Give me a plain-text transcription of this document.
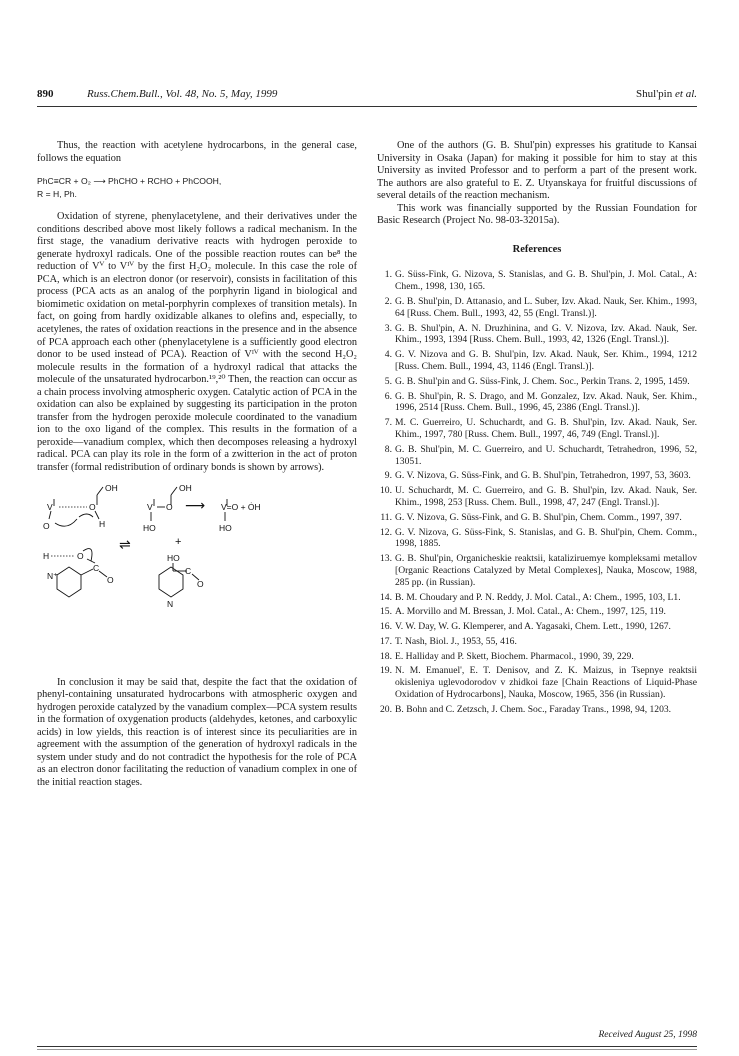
890	Russ.Chem.Bull., Vol. 48, No. 5, May, 1999	Shul'pin et al.

Thus, the reaction with acetylene hydrocarbons, in the general case, follows the equation

PhC≡CR + O₂ ⟶ PhCHO + RCHO + PhCOOH,
R = H, Ph.

Oxidation of styrene, phenylacetylene, and their derivatives under the conditions described above most likely follows a radical mechanism. In the first stage, the vanadium derivative reacts with hydrogen peroxide to generate hydroxyl radicals. One of the possible reaction routes can be⁸ the reduction of Vⱽ to Vᴵⱽ by the first H₂O₂ molecule. In this case the role of PCA, which is an electron donor (or reservoir), consists in facilitation of this process (PCA acts as an analog of the porphyrin ligand in biological and biomimetic oxidation on metal-porphyrin complexes of transition metals). In fact, on going from hardly oxidizable alkanes to olefins and, especially, to acetylenes, the rates of oxidation reactions in the presence and in the absence of PCA approach each other (phenylacetylene is a sufficiently good electron donor to be used instead of PCA). Reaction of Vᴵⱽ with the second H₂O₂ molecule results in the formation of a hydroxyl radical that attacks the molecule of the unsaturated hydrocarbon.¹⁹,²⁰ Then, the reaction can occur as a chain process involving atmospheric oxygen. Catalytic action of PCA in the oxidation can also be explained by suggesting its participation in the proton transfer from the hydrogen peroxide molecule coordinated to the vanadium ion to the oxo ligand of the complex. This results in the formation of a peroxide—vanadium complex, which then decomposes releasing a hydroxyl radical. PCA can play its role in the form of a zwitterion in the act of proton transfer (formal redistribution of ordinary bonds is shown by arrows).

OH
V	O
O	H
OH
V O
HO
⟶ V=O + ȮH
HO
⇌	+
H	O
N⁺
C
O
HO
C
O
N

In conclusion it may be said that, despite the fact that the oxidation of phenyl-containing unsaturated hydrocarbons with atmospheric oxygen and hydrogen peroxide catalyzed by the vanadium complex—PCA system results in the formation of oxygenation products (aldehydes, ketones, and carboxylic acids) in low yields, this reaction is of interest since its peculiarities are in agreement with the assumption of the generation of hydroxyl radicals in the system under study and do not contradict the hypothesis for the role of PCA as an electron donor facilitating the reduction of vanadium complex in one of the initial reaction stages.

One of the authors (G. B. Shul'pin) expresses his gratitude to Kansai University in Osaka (Japan) for making it possible for him to stay at this University as invited Professor and to perform a part of the present work. The authors are also grateful to E. Z. Utyanskaya for fruitful discussions of several details of the reaction mechanism.

This work was financially supported by the Russian Foundation for Basic Research (Project No. 98-03-32015a).

References
1. G. Süss-Fink, G. Nizova, S. Stanislas, and G. B. Shul'pin, J. Mol. Catal., A: Chem., 1998, 130, 165.
2. G. B. Shul'pin, D. Attanasio, and L. Suber, Izv. Akad. Nauk, Ser. Khim., 1993, 64 [Russ. Chem. Bull., 1993, 42, 55 (Engl. Transl.)].
3. G. B. Shul'pin, A. N. Druzhinina, and G. V. Nizova, Izv. Akad. Nauk, Ser. Khim., 1993, 1394 [Russ. Chem. Bull., 1993, 42, 1326 (Engl. Transl.)].
4. G. V. Nizova and G. B. Shul'pin, Izv. Akad. Nauk, Ser. Khim., 1994, 1212 [Russ. Chem. Bull., 1994, 43, 1146 (Engl. Transl.)].
5. G. B. Shul'pin and G. Süss-Fink, J. Chem. Soc., Perkin Trans. 2, 1995, 1459.
6. G. B. Shul'pin, R. S. Drago, and M. Gonzalez, Izv. Akad. Nauk, Ser. Khim., 1996, 2514 [Russ. Chem. Bull., 1996, 45, 2386 (Engl. Transl.)].
7. M. C. Guerreiro, U. Schuchardt, and G. B. Shul'pin, Izv. Akad. Nauk, Ser. Khim., 1997, 780 [Russ. Chem. Bull., 1997, 46, 749 (Engl. Transl.)].
8. G. B. Shul'pin, M. C. Guerreiro, and U. Schuchardt, Tetrahedron, 1996, 52, 13051.
9. G. V. Nizova, G. Süss-Fink, and G. B. Shul'pin, Tetrahedron, 1997, 53, 3603.
10. U. Schuchardt, M. C. Guerreiro, and G. B. Shul'pin, Izv. Akad. Nauk, Ser. Khim., 1998, 253 [Russ. Chem. Bull., 1998, 47, 247 (Engl. Transl.)].
11. G. V. Nizova, G. Süss-Fink, and G. B. Shul'pin, Chem. Comm., 1997, 397.
12. G. V. Nizova, G. Süss-Fink, S. Stanislas, and G. B. Shul'pin, Chem. Comm., 1998, 1885.
13. G. B. Shul'pin, Organicheskie reaktsii, kataliziruemye kompleksami metallov [Organic Reactions Catalyzed by Metal Complexes], Nauka, Moscow, 1988, 285 pp. (in Russian).
14. B. M. Choudary and P. N. Reddy, J. Mol. Catal., A: Chem., 1995, 103, L1.
15. A. Morvillo and M. Bressan, J. Mol. Catal., A: Chem., 1997, 125, 119.
16. V. W. Day, W. G. Klemperer, and A. Yagasaki, Chem. Lett., 1990, 1267.
17. T. Nash, Biol. J., 1953, 55, 416.
18. E. Halliday and P. Skett, Biochem. Pharmacol., 1990, 39, 229.
19. N. M. Emanuel', E. T. Denisov, and Z. K. Maizus, in Tsepnye reaktsii okisleniya uglevodorodov v zhidkoi faze [Chain Reactions of Liquid-Phase Oxidation of Hydrocarbons], Nauka, Moscow, 1965, 356 (in Russian).
20. B. Bohn and C. Zetzsch, J. Chem. Soc., Faraday Trans., 1998, 94, 1203.
Received August 25, 1998
